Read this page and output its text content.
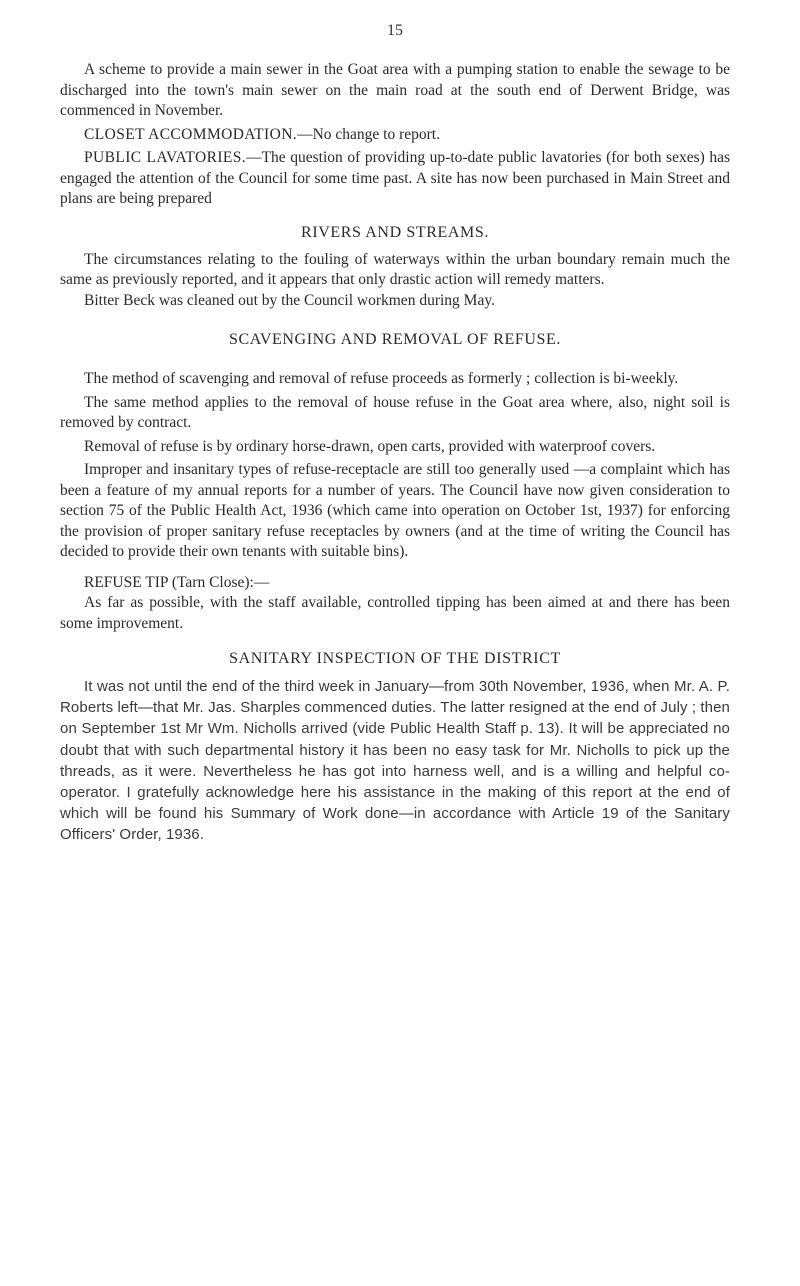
15

A scheme to provide a main sewer in the Goat area with a pumping station to enable the sewage to be discharged into the town's main sewer on the main road at the south end of Derwent Bridge, was commenced in November.

CLOSET ACCOMMODATION.—No change to report.

PUBLIC LAVATORIES.—The question of providing up-to-date public lavatories (for both sexes) has engaged the attention of the Council for some time past. A site has now been purchased in Main Street and plans are being prepared

RIVERS AND STREAMS.

The circumstances relating to the fouling of waterways within the urban boundary remain much the same as previously reported, and it appears that only drastic action will remedy matters.

Bitter Beck was cleaned out by the Council workmen during May.

SCAVENGING AND REMOVAL OF REFUSE.

The method of scavenging and removal of refuse proceeds as formerly ; collection is bi-weekly.

The same method applies to the removal of house refuse in the Goat area where, also, night soil is removed by contract.

Removal of refuse is by ordinary horse-drawn, open carts, provided with waterproof covers.

Improper and insanitary types of refuse-receptacle are still too generally used —a complaint which has been a feature of my annual reports for a number of years. The Council have now given consideration to section 75 of the Public Health Act, 1936 (which came into operation on October 1st, 1937) for enforcing the provision of proper sanitary refuse receptacles by owners (and at the time of writing the Council has decided to provide their own tenants with suitable bins).

REFUSE TIP (Tarn Close):—

As far as possible, with the staff available, controlled tipping has been aimed at and there has been some improvement.

SANITARY INSPECTION OF THE DISTRICT

It was not until the end of the third week in January—from 30th November, 1936, when Mr. A. P. Roberts left—that Mr. Jas. Sharples commenced duties. The latter resigned at the end of July ; then on September 1st Mr Wm. Nicholls arrived (vide Public Health Staff p. 13). It will be appreciated no doubt that with such departmental history it has been no easy task for Mr. Nicholls to pick up the threads, as it were. Nevertheless he has got into harness well, and is a willing and helpful co-operator. I gratefully acknowledge here his assistance in the making of this report at the end of which will be found his Summary of Work done—in accordance with Article 19 of the Sanitary Officers' Order, 1936.
